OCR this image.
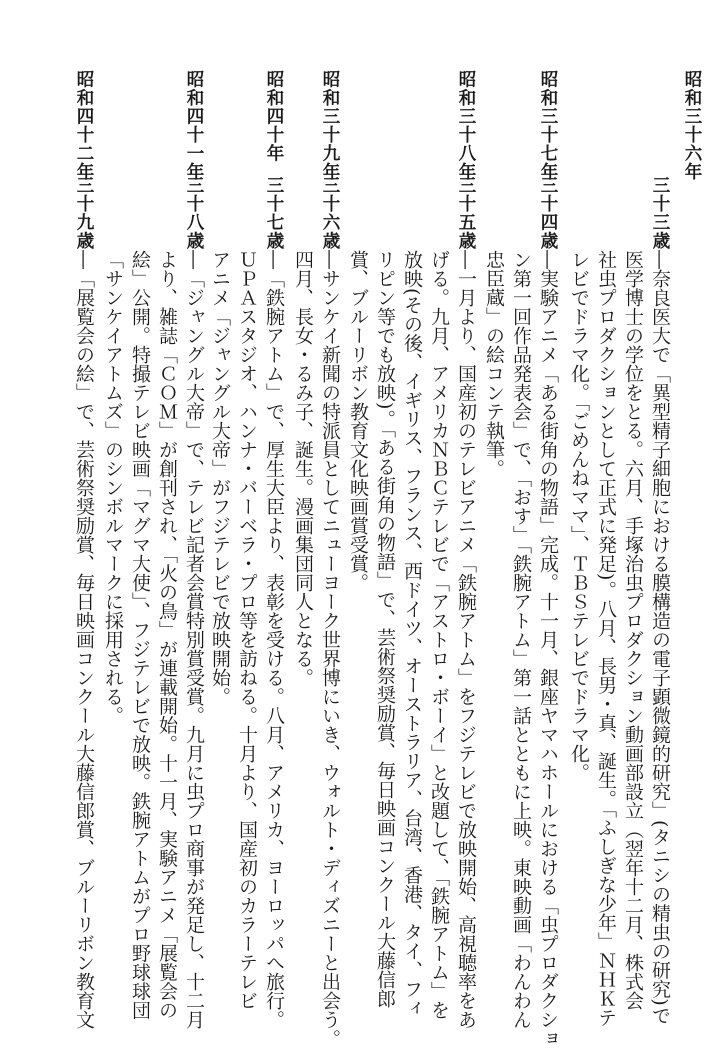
昭和三十六年
三十三歳―奈良医大で「異型精子細胞における膜構造の電子顕微鏡的研究」(タニシの精虫の研究)で
医学博士の学位をとる。六月、手塚治虫プロダクション動画部設立（翌年十二月、株式会
社虫プロダクションとして正式に発足)。八月、長男・真、誕生。「ふしぎな少年」ＮＨＫテ
レビでドラマ化。「ごめんねママ」、ＴＢＳテレビでドラマ化。
昭和三十七年
三十四歳―実験アニメ「ある街角の物語」完成。十一月、銀座ヤマハホールにおける「虫プロダクショ
ン第一回作品発表会」で、「おす」「鉄腕アトム」第一話とともに上映。東映動画「わんわん
忠臣蔵」の絵コンテ執筆。
昭和三十八年
三十五歳―一月より、国産初のテレビアニメ「鉄腕アトム」をフジテレビで放映開始、高視聴率をあ
げる。九月、アメリカＮＢＣテレビで「アストロ・ボーイ」と改題して、「鉄腕アトム」を
放映(その後、イギリス、フランス、西ドイツ、オーストラリア、台湾、香港、タイ、フィ
リピン等でも放映)。「ある街角の物語」で、芸術祭奨励賞、毎日映画コンクール大藤信郎
賞、ブルーリボン教育文化映画賞受賞。
昭和三十九年
三十六歳―サンケイ新聞の特派員としてニューヨーク世界博にいき、ウォルト・ディズニーと出会う。
四月、長女・るみ子、誕生。漫画集団同人となる。
昭和四十年
三十七歳―「鉄腕アトム」で、厚生大臣より、表彰を受ける。八月、アメリカ、ヨーロッパへ旅行。
ＵＰＡスタジオ、ハンナ・バーベラ・プロ等を訪ねる。十月より、国産初のカラーテレビ
アニメ「ジャングル大帝」がフジテレビで放映開始。
昭和四十一年
三十八歳―「ジャングル大帝」で、テレビ記者会賞特別賞受賞。九月に虫プロ商事が発足し、十二月
より、雑誌「ＣＯＭ」が創刊され、「火の鳥」が連載開始。十一月、実験アニメ「展覧会の
絵」公開。特撮テレビ映画「マグマ大使」、フジテレビで放映。鉄腕アトムがプロ野球球団
「サンケイアトムズ」のシンボルマークに採用される。
昭和四十二年
三十九歳―「展覧会の絵」で、芸術祭奨励賞、毎日映画コンクール大藤信郎賞、ブルーリボン教育文
